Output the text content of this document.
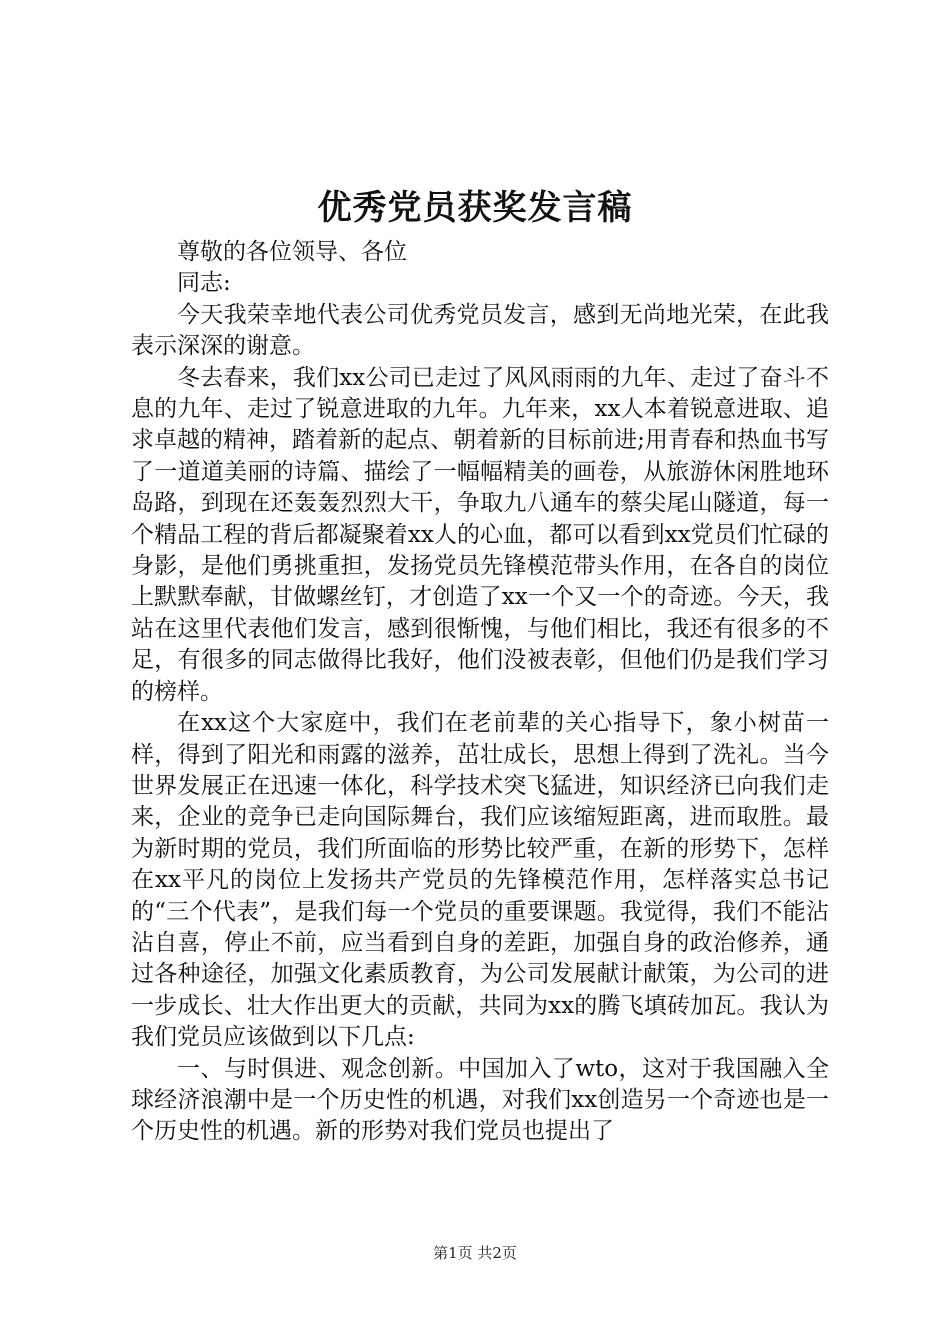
优秀党员获奖发言稿

尊敬的各位领导、各位

同志:

今天我荣幸地代表公司优秀党员发言，感到无尚地光荣，在此我表示深深的谢意。

冬去春来，我们xx公司已走过了风风雨雨的九年、走过了奋斗不息的九年、走过了锐意进取的九年。九年来，xx人本着锐意进取、追求卓越的精神，踏着新的起点、朝着新的目标前进;用青春和热血书写了一道道美丽的诗篇、描绘了一幅幅精美的画卷，从旅游休闲胜地环岛路，到现在还轰轰烈烈大干，争取九八通车的蔡尖尾山隧道，每一个精品工程的背后都凝聚着xx人的心血，都可以看到xx党员们忙碌的身影，是他们勇挑重担，发扬党员先锋模范带头作用，在各自的岗位上默默奉献，甘做螺丝钉，才创造了xx一个又一个的奇迹。今天，我站在这里代表他们发言，感到很惭愧，与他们相比，我还有很多的不足，有很多的同志做得比我好，他们没被表彰，但他们仍是我们学习的榜样。

在xx这个大家庭中，我们在老前辈的关心指导下，象小树苗一样，得到了阳光和雨露的滋养，茁壮成长，思想上得到了洗礼。当今世界发展正在迅速一体化，科学技术突飞猛进，知识经济已向我们走来，企业的竞争已走向国际舞台，我们应该缩短距离，进而取胜。最为新时期的党员，我们所面临的形势比较严重，在新的形势下，怎样在xx平凡的岗位上发扬共产党员的先锋模范作用，怎样落实总书记的“三个代表”，是我们每一个党员的重要课题。我觉得，我们不能沾沾自喜，停止不前，应当看到自身的差距，加强自身的政治修养，通过各种途径，加强文化素质教育，为公司发展献计献策，为公司的进一步成长、壮大作出更大的贡献，共同为xx的腾飞填砖加瓦。我认为我们党员应该做到以下几点:

一、与时俱进、观念创新。中国加入了wto，这对于我国融入全球经济浪潮中是一个历史性的机遇，对我们xx创造另一个奇迹也是一个历史性的机遇。新的形势对我们党员也提出了

第1页 共2页
